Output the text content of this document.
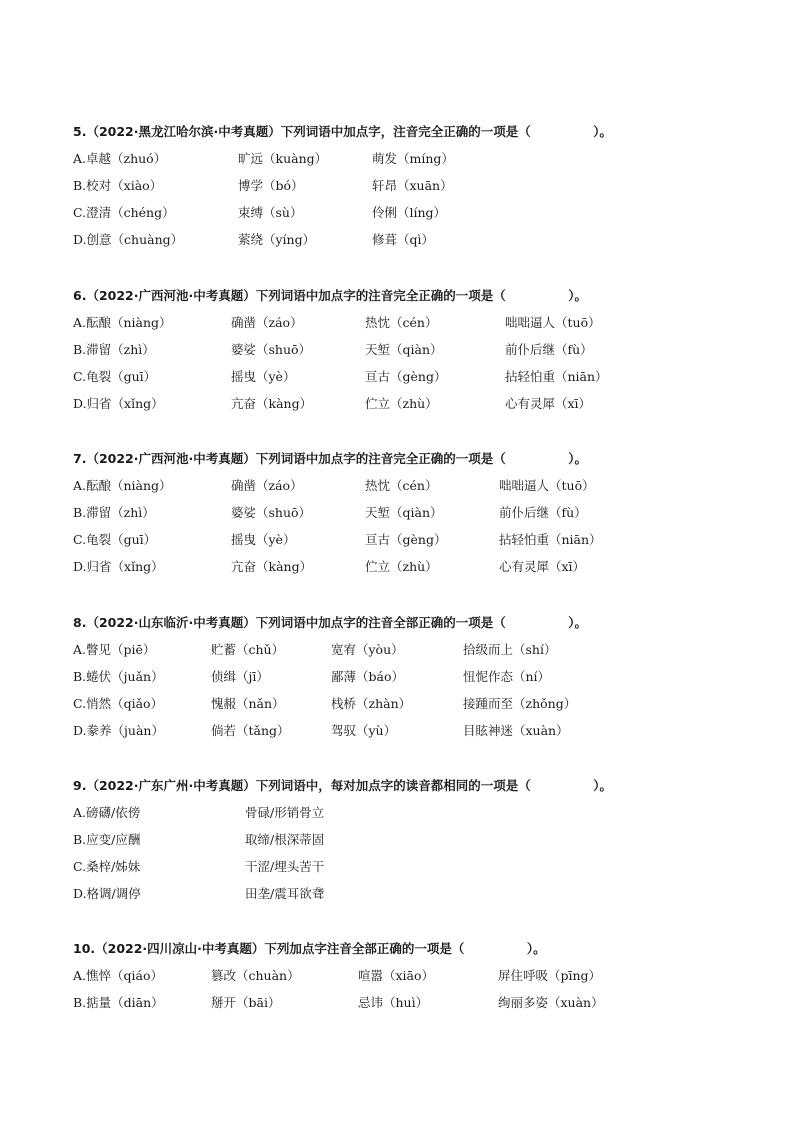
5.（2022·黑龙江哈尔滨·中考真题）下列词语中加点字，注音完全正确的一项是（　　　　　）。
A.卓越（zhuó）	旷远（kuàng）	萌发（míng）
B.校对（xiào）	博学（bó）	轩昂（xuān）
C.澄清（chéng）	束缚（sù）	伶俐（líng）
D.创意（chuàng）	萦绕（yíng）	修葺（qì）
6.（2022·广西河池·中考真题）下列词语中加点字的注音完全正确的一项是（　　　　　）。
A.酝酿（niàng）	确凿（záo）	热忱（cén）	咄咄逼人（tuō）
B.滞留（zhì）	婆娑（shuō）	天堑（qiàn）	前仆后继（fù）
C.龟裂（guī）	摇曳（yè）	亘古（gèng）	拈轻怕重（niān）
D.归省（xǐng）	亢奋（kàng）	伫立（zhù）	心有灵犀（xī）
7.（2022·广西河池·中考真题）下列词语中加点字的注音完全正确的一项是（　　　　　）。
A.酝酿（niàng）	确凿（záo）	热忱（cén）	咄咄逼人（tuō）
B.滞留（zhì）	婆娑（shuō）	天堑（qiàn）	前仆后继（fù）
C.龟裂（guī）	摇曳（yè）	亘古（gèng）	拈轻怕重（niān）
D.归省（xǐng）	亢奋（kàng）	伫立（zhù）	心有灵犀（xī）
8.（2022·山东临沂·中考真题）下列词语中加点字的注音全部正确的一项是（　　　　　）。
A.瞥见（piē）	贮蓄（chǔ）	宽宥（yòu）	拾级而上（shí）
B.蜷伏（juǎn）	侦缉（jī）	鄙薄（báo）	忸怩作态（ní）
C.悄然（qiǎo）	愧赧（nǎn）	栈桥（zhàn）	接踵而至（zhǒng）
D.豢养（juàn）	倘若（tǎng）	驾驭（yù）	目眩神迷（xuàn）
9.（2022·广东广州·中考真题）下列词语中，每对加点字的读音都相同的一项是（　　　　　）。
A.磅礴/依傍	骨碌/形销骨立
B.应变/应酬	取缔/根深蒂固
C.桑梓/姊妹	干涩/埋头苦干
D.格调/调停	田垄/震耳欲聋
10.（2022·四川凉山·中考真题）下列加点字注音全部正确的一项是（　　　　　）。
A.憔悴（qiáo）	篡改（chuàn）	喧嚣（xiāo）	屏住呼吸（pīng）
B.掂量（diān）	掰开（bāi）	忌讳（huì）	绚丽多姿（xuàn）
